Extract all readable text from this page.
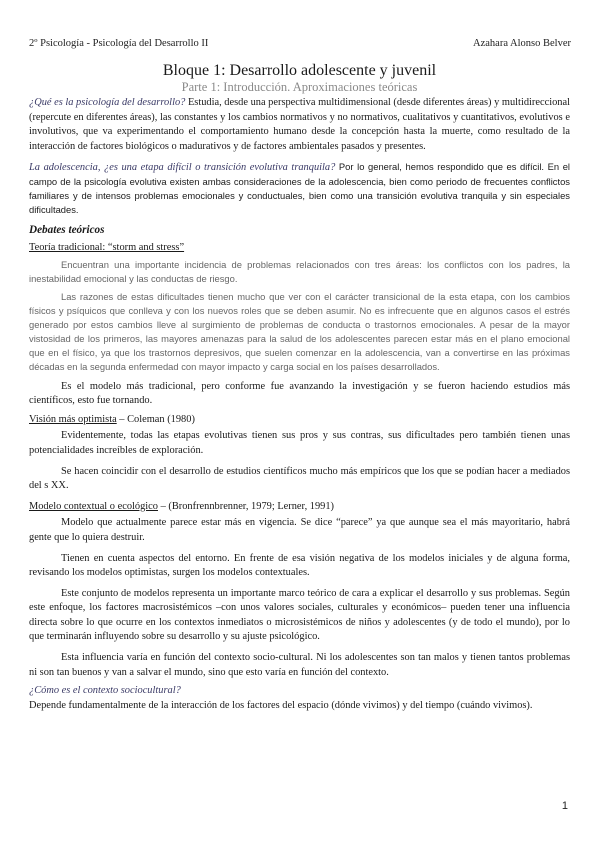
2º Psicología - Psicología del Desarrollo II	Azahara Alonso Belver
Bloque 1: Desarrollo adolescente y juvenil
Parte 1: Introducción. Aproximaciones teóricas

¿Qué es la psicología del desarrollo? Estudia, desde una perspectiva multidimensional (desde diferentes áreas) y multidireccional (repercute en diferentes áreas), las constantes y los cambios normativos y no normativos, cualitativos y cuantitativos, evolutivos e involutivos, que va experimentando el comportamiento humano desde la concepción hasta la muerte, como resultado de la interacción de factores biológicos o madurativos y de factores ambientales pasados y presentes.

La adolescencia, ¿es una etapa difícil o transición evolutiva tranquila? Por lo general, hemos respondido que es difícil. En el campo de la psicología evolutiva existen ambas consideraciones de la adolescencia, bien como periodo de frecuentes conflictos familiares y de intensos problemas emocionales y conductuales, bien como una transición evolutiva tranquila y sin especiales dificultades.

Debates teóricos
Teoría tradicional: “storm and stress”

Encuentran una importante incidencia de problemas relacionados con tres áreas: los conflictos con los padres, la inestabilidad emocional y las conductas de riesgo.

Las razones de estas dificultades tienen mucho que ver con el carácter transicional de la esta etapa, con los cambios físicos y psíquicos que conlleva y con los nuevos roles que se deben asumir. No es infrecuente que en algunos casos el estrés generado por estos cambios lleve al surgimiento de problemas de conducta o trastornos emocionales. A pesar de la mayor vistosidad de los primeros, las mayores amenazas para la salud de los adolescentes parecen estar más en el plano emocional que en el físico, ya que los trastornos depresivos, que suelen comenzar en la adolescencia, van a convertirse en las próximas décadas en la segunda enfermedad con mayor impacto y carga social en los países desarrollados.

Es el modelo más tradicional, pero conforme fue avanzando la investigación y se fueron haciendo estudios más científicos, esto fue tornando.

Visión más optimista – Coleman (1980)

Evidentemente, todas las etapas evolutivas tienen sus pros y sus contras, sus dificultades pero también tienen unas potencialidades increíbles de exploración.

Se hacen coincidir con el desarrollo de estudios científicos mucho más empíricos que los que se podían hacer a mediados del s XX.

Modelo contextual o ecológico – (Bronfrennbrenner, 1979; Lerner, 1991)

Modelo que actualmente parece estar más en vigencia. Se dice “parece” ya que aunque sea el más mayoritario, habrá gente que lo quiera destruir.

Tienen en cuenta aspectos del entorno. En frente de esa visión negativa de los modelos iniciales y de alguna forma, revisando los modelos optimistas, surgen los modelos contextuales.

Este conjunto de modelos representa un importante marco teórico de cara a explicar el desarrollo y sus problemas. Según este enfoque, los factores macrosistémicos –con unos valores sociales, culturales y económicos– pueden tener una influencia directa sobre lo que ocurre en los contextos inmediatos o microsistémicos de niños y adolescentes (y de todo el mundo), por lo que terminarán influyendo sobre su desarrollo y su ajuste psicológico.

Esta influencia varía en función del contexto socio-cultural. Ni los adolescentes son tan malos y tienen tantos problemas ni son tan buenos y van a salvar el mundo, sino que esto varía en función del contexto.

¿Cómo es el contexto sociocultural?

Depende fundamentalmente de la interacción de los factores del espacio (dónde vivimos) y del tiempo (cuándo vivimos).

1
